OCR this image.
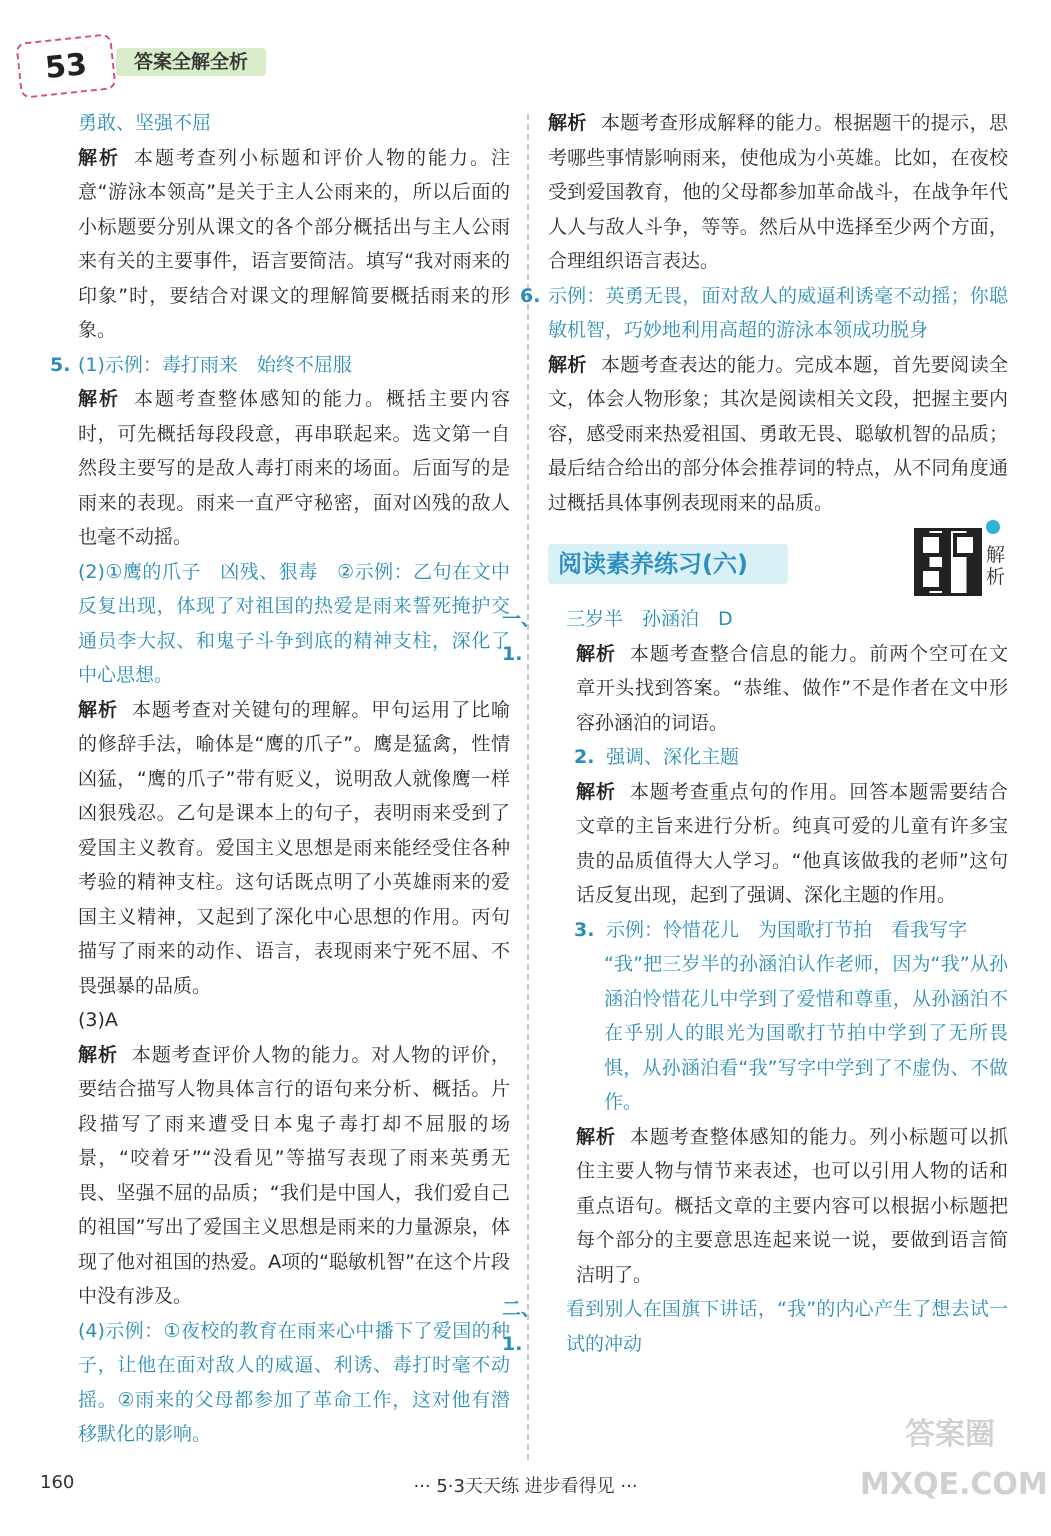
53	答案全解全析

勇敢、坚强不屈

解析 本题考查列小标题和评价人物的能力。注意“游泳本领高”是关于主人公雨来的，所以后面的小标题要分别从课文的各个部分概括出与主人公雨来有关的主要事件，语言要简洁。填写“我对雨来的印象”时，要结合对课文的理解简要概括雨来的形象。

5. (1)示例：毒打雨来　始终不屈服

解析 本题考查整体感知的能力。概括主要内容时，可先概括每段段意，再串联起来。选文第一自然段主要写的是敌人毒打雨来的场面。后面写的是雨来的表现。雨来一直严守秘密，面对凶残的敌人也毫不动摇。

(2)①鹰的爪子　凶残、狠毒　②示例：乙句在文中反复出现，体现了对祖国的热爱是雨来誓死掩护交通员李大叔、和鬼子斗争到底的精神支柱，深化了中心思想。

解析 本题考查对关键句的理解。甲句运用了比喻的修辞手法，喻体是“鹰的爪子”。鹰是猛禽，性情凶猛，“鹰的爪子”带有贬义，说明敌人就像鹰一样凶狠残忍。乙句是课本上的句子，表明雨来受到了爱国主义教育。爱国主义思想是雨来能经受住各种考验的精神支柱。这句话既点明了小英雄雨来的爱国主义精神，又起到了深化中心思想的作用。丙句描写了雨来的动作、语言，表现雨来宁死不屈、不畏强暴的品质。

(3)A

解析 本题考查评价人物的能力。对人物的评价，要结合描写人物具体言行的语句来分析、概括。片段描写了雨来遭受日本鬼子毒打却不屈服的场景，“咬着牙”“没看见”等描写表现了雨来英勇无畏、坚强不屈的品质；“我们是中国人，我们爱自己的祖国”写出了爱国主义思想是雨来的力量源泉，体现了他对祖国的热爱。A项的“聪敏机智”在这个片段中没有涉及。

(4)示例：①夜校的教育在雨来心中播下了爱国的种子，让他在面对敌人的威逼、利诱、毒打时毫不动摇。②雨来的父母都参加了革命工作，这对他有潜移默化的影响。

解析 本题考查形成解释的能力。根据题干的提示，思考哪些事情影响雨来，使他成为小英雄。比如，在夜校受到爱国教育，他的父母都参加革命战斗，在战争年代人人与敌人斗争，等等。然后从中选择至少两个方面，合理组织语言表达。

6. 示例：英勇无畏，面对敌人的威逼利诱毫不动摇；你聪敏机智，巧妙地利用高超的游泳本领成功脱身

解析 本题考查表达的能力。完成本题，首先要阅读全文，体会人物形象；其次是阅读相关文段，把握主要内容，感受雨来热爱祖国、勇敢无畏、聪敏机智的品质；最后结合给出的部分体会推荐词的特点，从不同角度通过概括具体事例表现雨来的品质。

阅读素养练习(六)	解析
一、1.

三岁半　孙涵泊　D

解析 本题考查整合信息的能力。前两个空可在文章开头找到答案。“恭维、做作”不是作者在文中形容孙涵泊的词语。

2. 强调、深化主题

解析 本题考查重点句的作用。回答本题需要结合文章的主旨来进行分析。纯真可爱的儿童有许多宝贵的品质值得大人学习。“他真该做我的老师”这句话反复出现，起到了强调、深化主题的作用。

3. 示例：怜惜花儿　为国歌打节拍　看我写字

“我”把三岁半的孙涵泊认作老师，因为“我”从孙涵泊怜惜花儿中学到了爱惜和尊重，从孙涵泊不在乎别人的眼光为国歌打节拍中学到了无所畏惧，从孙涵泊看“我”写字中学到了不虚伪、不做作。

解析 本题考查整体感知的能力。列小标题可以抓住主要人物与情节来表述，也可以引用人物的话和重点语句。概括文章的主要内容可以根据小标题把每个部分的主要意思连起来说一说，要做到语言简洁明了。

二、1.

看到别人在国旗下讲话，“我”的内心产生了想去试一试的冲动

160	··· 5·3天天练 进步看得见 ···
答案圈 MXQE.COM
